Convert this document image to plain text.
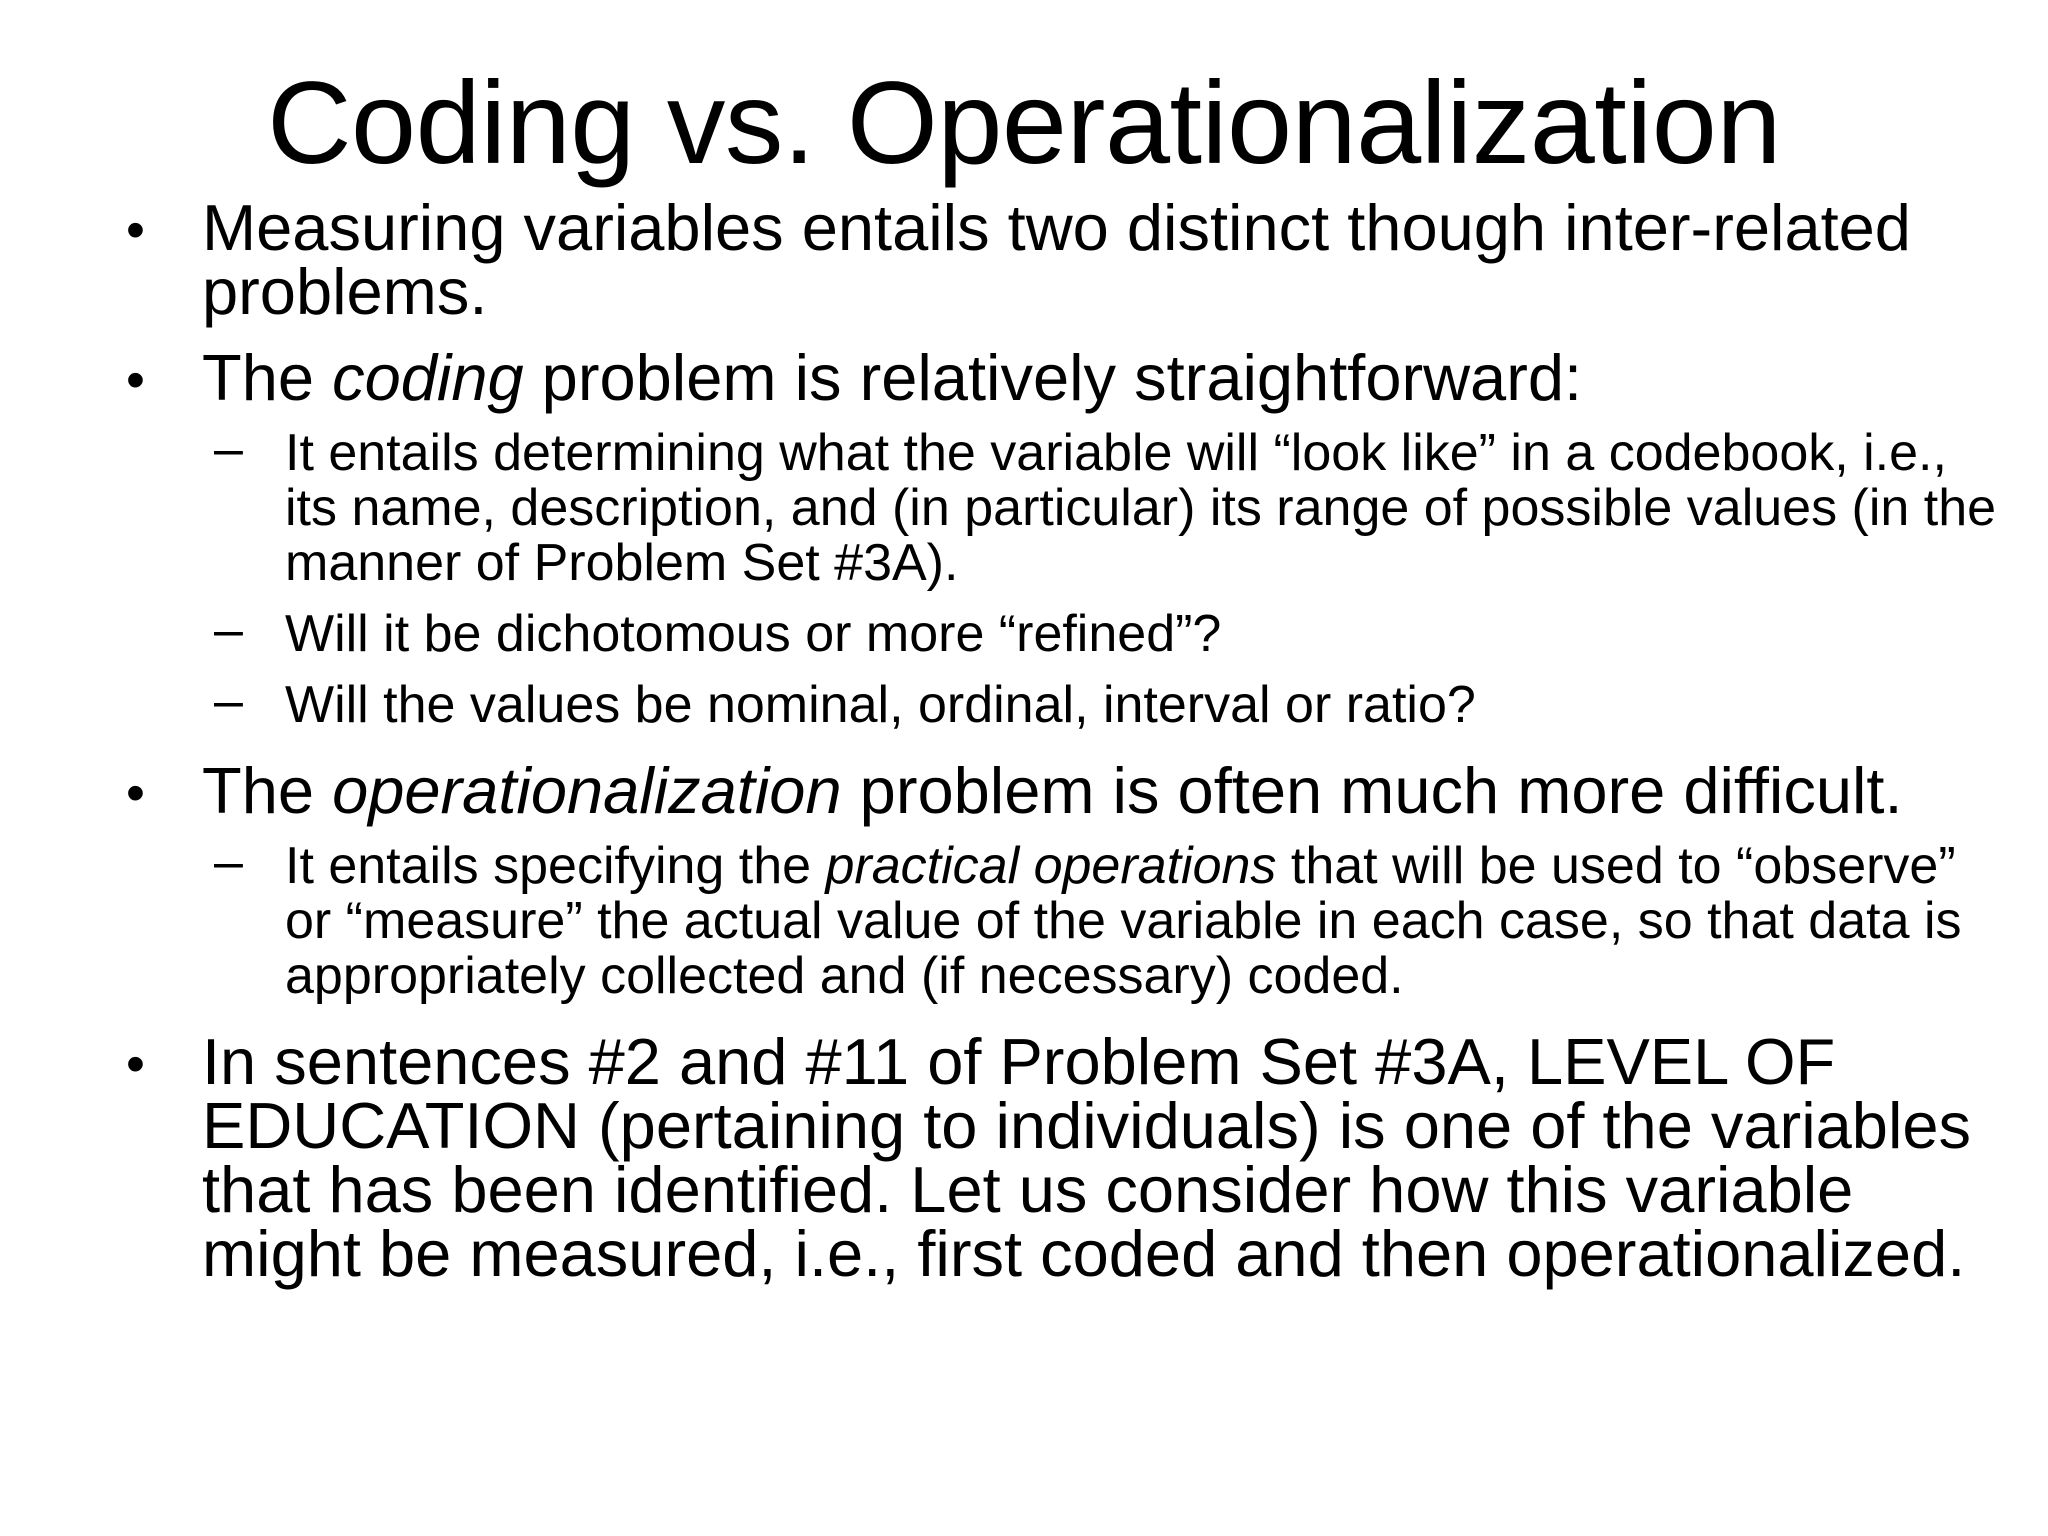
Coding vs. Operationalization
• Measuring variables entails two distinct though inter-related problems.
• The coding problem is relatively straightforward:
– It entails determining what the variable will “look like” in a codebook, i.e., its name, description, and (in particular) its range of possible values (in the manner of Problem Set #3A).
– Will it be dichotomous or more “refined”?
– Will the values be nominal, ordinal, interval or ratio?
• The operationalization problem is often much more difficult.
– It entails specifying the practical operations that will be used to “observe” or “measure” the actual value of the variable in each case, so that data is appropriately collected and (if necessary) coded.
• In sentences #2 and #11 of Problem Set #3A, LEVEL OF EDUCATION (pertaining to individuals) is one of the variables that has been identified. Let us consider how this variable might be measured, i.e., first coded and then operationalized.
